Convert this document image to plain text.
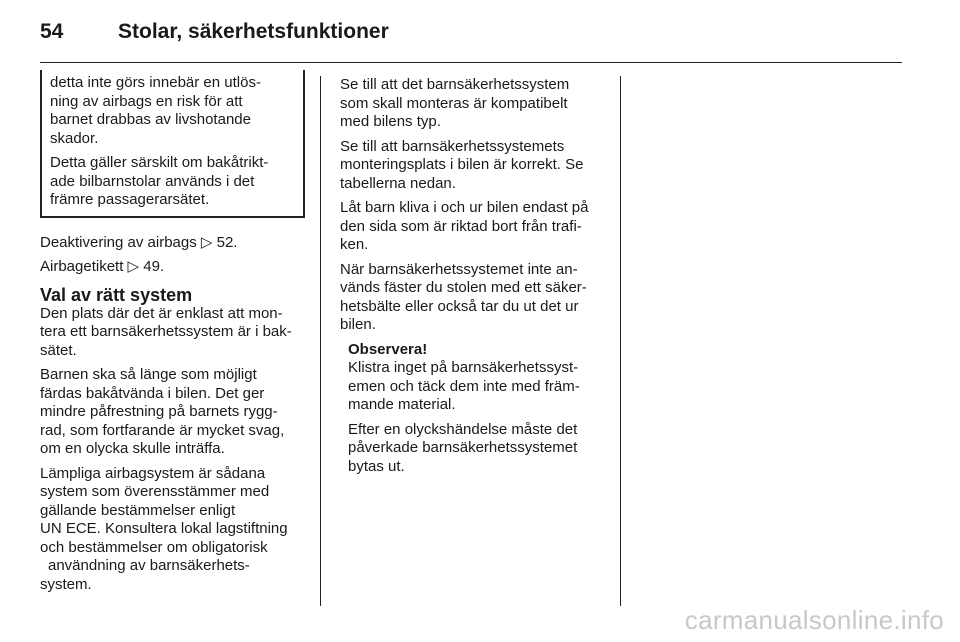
54	Stolar, säkerhetsfunktioner

detta inte görs innebär en utlös-
ning av airbags en risk för att
barnet drabbas av livshotande
skador.

Detta gäller särskilt om bakåtrikt-
ade bilbarnstolar används i det
främre passagerarsätet.

Deaktivering av airbags ▷ 52.

Airbagetikett ▷ 49.

Val av rätt system

Den plats där det är enklast att mon-
tera ett barnsäkerhetssystem är i bak-
sätet.

Barnen ska så länge som möjligt
färdas bakåtvända i bilen. Det ger
mindre påfrestning på barnets rygg-
rad, som fortfarande är mycket svag,
om en olycka skulle inträffa.

Lämpliga airbagsystem är sådana
system som överensstämmer med
gällande bestämmelser enligt
UN ECE. Konsultera lokal lagstiftning
och bestämmelser om obligatorisk
användning av barnsäkerhets-
system.

Se till att det barnsäkerhetssystem
som skall monteras är kompatibelt
med bilens typ.

Se till att barnsäkerhetssystemets
monteringsplats i bilen är korrekt. Se
tabellerna nedan.

Låt barn kliva i och ur bilen endast på
den sida som är riktad bort från trafi-
ken.

När barnsäkerhetssystemet inte an-
vänds fäster du stolen med ett säker-
hetsbälte eller också tar du ut det ur
bilen.

Observera!

Klistra inget på barnsäkerhetssyst-
emen och täck dem inte med främ-
mande material.

Efter en olyckshändelse måste det
påverkade barnsäkerhetssystemet
bytas ut.

carmanualsonline.info
